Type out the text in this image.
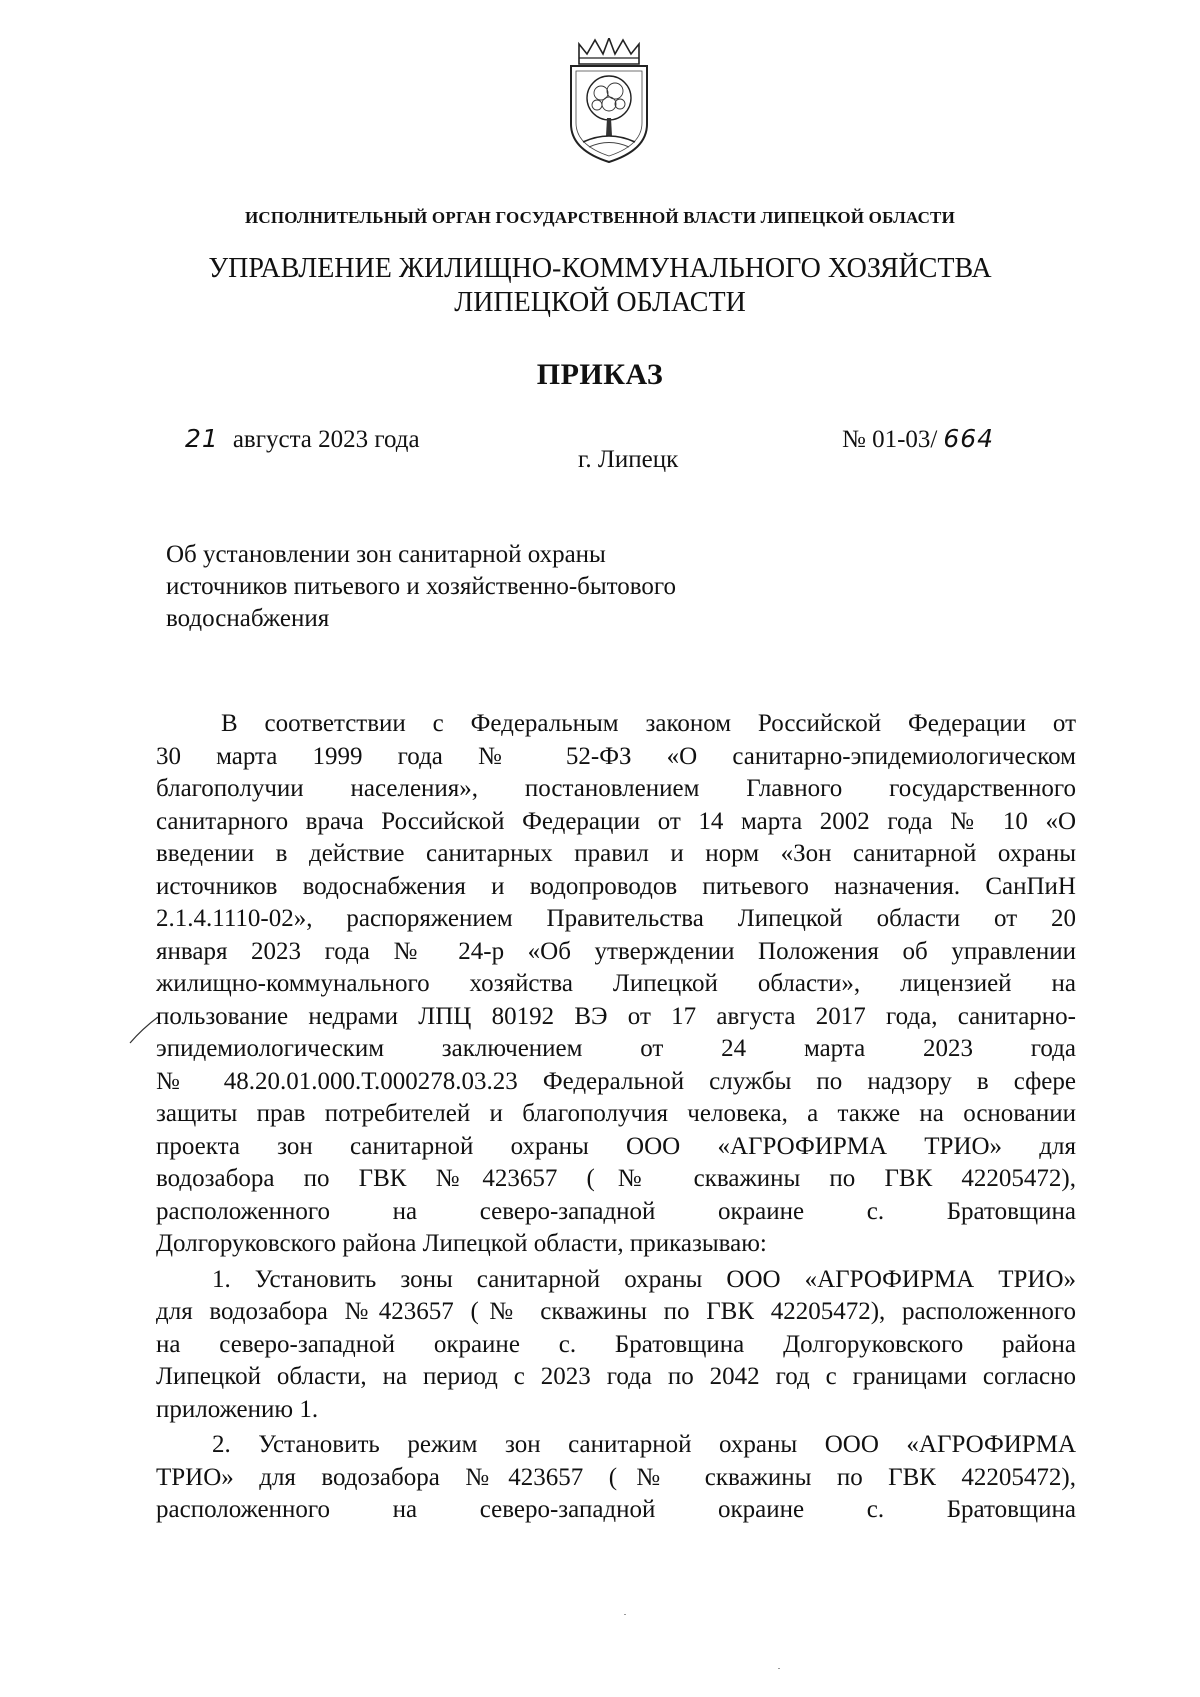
ИСПОЛНИТЕЛЬНЫЙ ОРГАН ГОСУДАРСТВЕННОЙ ВЛАСТИ ЛИПЕЦКОЙ ОБЛАСТИ

УПРАВЛЕНИЕ ЖИЛИЩНО-КОММУНАЛЬНОГО ХОЗЯЙСТВА
ЛИПЕЦКОЙ ОБЛАСТИ
ПРИКАЗ
21 августа 2023 года
г. Липецк
№ 01-03/ 664
Об установлении зон санитарной охраны
источников питьевого и хозяйственно-бытового
водоснабжения

В соответствии с Федеральным законом Российской Федерации от

30 марта 1999 года № 52-ФЗ «О санитарно-эпидемиологическом

благополучии населения», постановлением Главного государственного

санитарного врача Российской Федерации от 14 марта 2002 года № 10 «О

введении в действие санитарных правил и норм «Зон санитарной охраны

источников водоснабжения и водопроводов питьевого назначения. СанПиН

2.1.4.1110-02», распоряжением Правительства Липецкой области от 20

января 2023 года № 24-р «Об утверждении Положения об управлении

жилищно-коммунального хозяйства Липецкой области», лицензией на

пользование недрами ЛПЦ 80192 ВЭ от 17 августа 2017 года, санитарно-

эпидемиологическим заключением от 24 марта 2023 года

№ 48.20.01.000.Т.000278.03.23 Федеральной службы по надзору в сфере

защиты прав потребителей и благополучия человека, а также на основании

проекта зон санитарной охраны ООО «АГРОФИРМА ТРИО» для

водозабора по ГВК №423657 (№ скважины по ГВК 42205472),

расположенного на северо-западной окраине с. Братовщина

Долгоруковского района Липецкой области, приказываю:

1. Установить зоны санитарной охраны ООО «АГРОФИРМА ТРИО»

для водозабора №423657 (№ скважины по ГВК 42205472), расположенного

на северо-западной окраине с. Братовщина Долгоруковского района

Липецкой области, на период с 2023 года по 2042 год с границами согласно

приложению 1.

2. Установить режим зон санитарной охраны ООО «АГРОФИРМА

ТРИО» для водозабора №423657 (№ скважины по ГВК 42205472),

расположенного на северо-западной окраине с. Братовщина
